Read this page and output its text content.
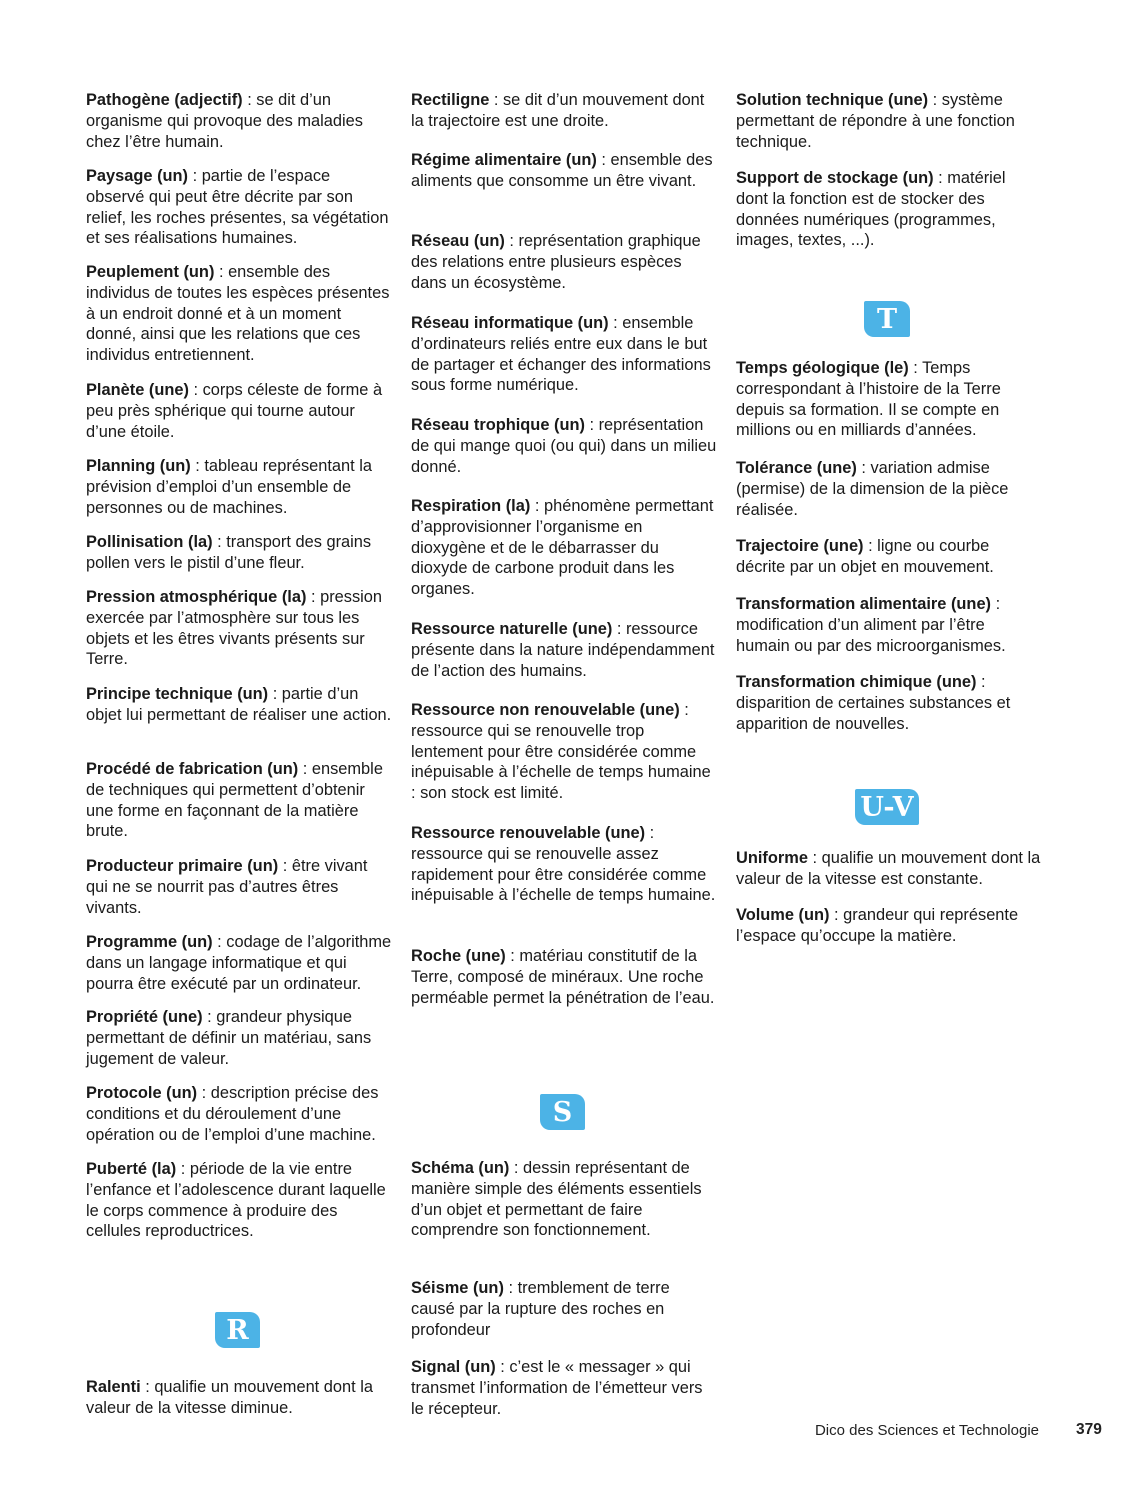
Pathogène (adjectif) : se dit d’un organisme qui provoque des maladies chez l’être humain.

Paysage (un) : partie de l’espace observé qui peut être décrite par son relief, les roches présentes, sa végétation et ses réalisations humaines.

Peuplement (un) : ensemble des individus de toutes les espèces présentes à un endroit donné et à un moment donné, ainsi que les relations que ces individus entretiennent.

Planète (une) : corps céleste de forme à peu près sphérique qui tourne autour d’une étoile.

Planning (un) : tableau représentant la prévision d’emploi d’un ensemble de personnes ou de machines.

Pollinisation (la) : transport des grains pollen vers le pistil d’une fleur.

Pression atmosphérique (la) : pression exercée par l’atmosphère sur tous les objets et les êtres vivants présents sur Terre.

Principe technique (un) : partie d’un objet lui permettant de réaliser une action.

Procédé de fabrication (un) : ensemble de techniques qui permettent d’obtenir une forme en façonnant de la matière brute.

Producteur primaire (un) : être vivant qui ne se nourrit pas d’autres êtres vivants.

Programme (un) : codage de l’algorithme dans un langage informatique et qui pourra être exécuté par un ordinateur.

Propriété (une) : grandeur physique permettant de définir un matériau, sans jugement de valeur.

Protocole (un) : description précise des conditions et du déroulement d’une opération ou de l’emploi d’une machine.

Puberté (la) : période de la vie entre l’enfance et l’adolescence durant laquelle le corps commence à produire des cellules reproductrices.

Ralenti : qualifie un mouvement dont la valeur de la vitesse diminue.

R

Rectiligne : se dit d’un mouvement dont la trajectoire est une droite.

Régime alimentaire (un) : ensemble des aliments que consomme un être vivant.

Réseau (un) : représentation graphique des relations entre plusieurs espèces dans un écosystème.

Réseau informatique (un) : ensemble d’ordinateurs reliés entre eux dans le but de partager et échanger des informations sous forme numérique.

Réseau trophique (un) : représentation de qui mange quoi (ou qui) dans un milieu donné.

Respiration (la) : phénomène permettant d’approvisionner l’organisme en dioxygène et de le débarrasser du dioxyde de carbone produit dans les organes.

Ressource naturelle (une) : ressource présente dans la nature indépendamment de l’action des humains.

Ressource non renouvelable (une) : ressource qui se renouvelle trop lentement pour être considérée comme inépuisable à l’échelle de temps humaine : son stock est limité.

Ressource renouvelable (une) : ressource qui se renouvelle assez rapidement pour être considérée comme inépuisable à l’échelle de temps humaine.

Roche (une) : matériau constitutif de la Terre, composé de minéraux. Une roche perméable permet la pénétration de l’eau.

Schéma (un) : dessin représentant de manière simple des éléments essentiels d’un objet et permettant de faire comprendre son fonctionnement.

Séisme (un) : tremblement de terre causé par la rupture des roches en profondeur

Signal (un) : c’est le « messager » qui transmet l’information de l’émetteur vers le récepteur.

S

Solution technique (une) : système permettant de répondre à une fonction technique.

Support de stockage (un) : matériel dont la fonction est de stocker des données numériques (programmes, images, textes, ...).

Temps géologique (le) : Temps correspondant à l’histoire de la Terre depuis sa formation. Il se compte en millions ou en milliards d’années.

Tolérance (une) : variation admise (permise) de la dimension de la pièce réalisée.

Trajectoire (une) : ligne ou courbe décrite par un objet en mouvement.

Transformation alimentaire (une) : modification d’un aliment par l’être humain ou par des microorganismes.

Transformation chimique (une) : disparition de certaines substances et apparition de nouvelles.

Uniforme : qualifie un mouvement dont la valeur de la vitesse est constante.

Volume (un) : grandeur qui représente l’espace qu’occupe la matière.

T
U-V
Dico des Sciences et Technologie 379
